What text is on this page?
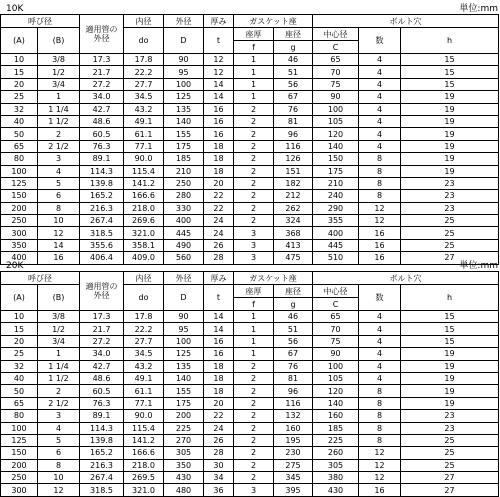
10K	単位:mm
呼び径		適用管の外径	内径	外径	厚み	ガスケット座		ボルト穴		
(A)	(B)		do	D	t	座厚	座径	中心径	数	h
						f	g	C		
10	3/8	17.3	17.8	90	12	1	46	65	4	15
15	1/2	21.7	22.2	95	12	1	51	70	4	15
20	3/4	27.2	27.7	100	14	1	56	75	4	15
25	1	34.0	34.5	125	14	1	67	90	4	19
32	1 1/4	42.7	43.2	135	16	2	76	100	4	19
40	1 1/2	48.6	49.1	140	16	2	81	105	4	19
50	2	60.5	61.1	155	16	2	96	120	4	19
65	2 1/2	76.3	77.1	175	18	2	116	140	4	19
80	3	89.1	90.0	185	18	2	126	150	8	19
100	4	114.3	115.4	210	18	2	151	175	8	19
125	5	139.8	141.2	250	20	2	182	210	8	23
150	6	165.2	166.6	280	22	2	212	240	8	23
200	8	216.3	218.0	330	22	2	262	290	12	23
250	10	267.4	269.6	400	24	2	324	355	12	25
300	12	318.5	321.0	445	24	3	368	400	16	25
350	14	355.6	358.1	490	26	3	413	445	16	25
400	16	406.4	409.0	560	28	3	475	510	16	27
20K	単位:mm
呼び径		適用管の外径	内径	外径	厚み	ガスケット座		ボルト穴		
(A)	(B)		do	D	t	座厚	座径	中心径	数	h
						f	g	C		
10	3/8	17.3	17.8	90	14	1	46	65	4	15
15	1/2	21.7	22.2	95	14	1	51	70	4	15
20	3/4	27.2	27.7	100	16	1	56	75	4	15
25	1	34.0	34.5	125	16	1	67	90	4	19
32	1 1/4	42.7	43.2	135	18	2	76	100	4	19
40	1 1/2	48.6	49.1	140	18	2	81	105	4	19
50	2	60.5	61.1	155	18	2	96	120	8	19
65	2 1/2	76.3	77.1	175	20	2	116	140	8	19
80	3	89.1	90.0	200	22	2	132	160	8	23
100	4	114.3	115.4	225	24	2	160	185	8	23
125	5	139.8	141.2	270	26	2	195	225	8	25
150	6	165.2	166.6	305	28	2	230	260	12	25
200	8	216.3	218.0	350	30	2	275	305	12	25
250	10	267.4	269.5	430	34	2	345	380	12	27
300	12	318.5	321.0	480	36	3	395	430	16	27
